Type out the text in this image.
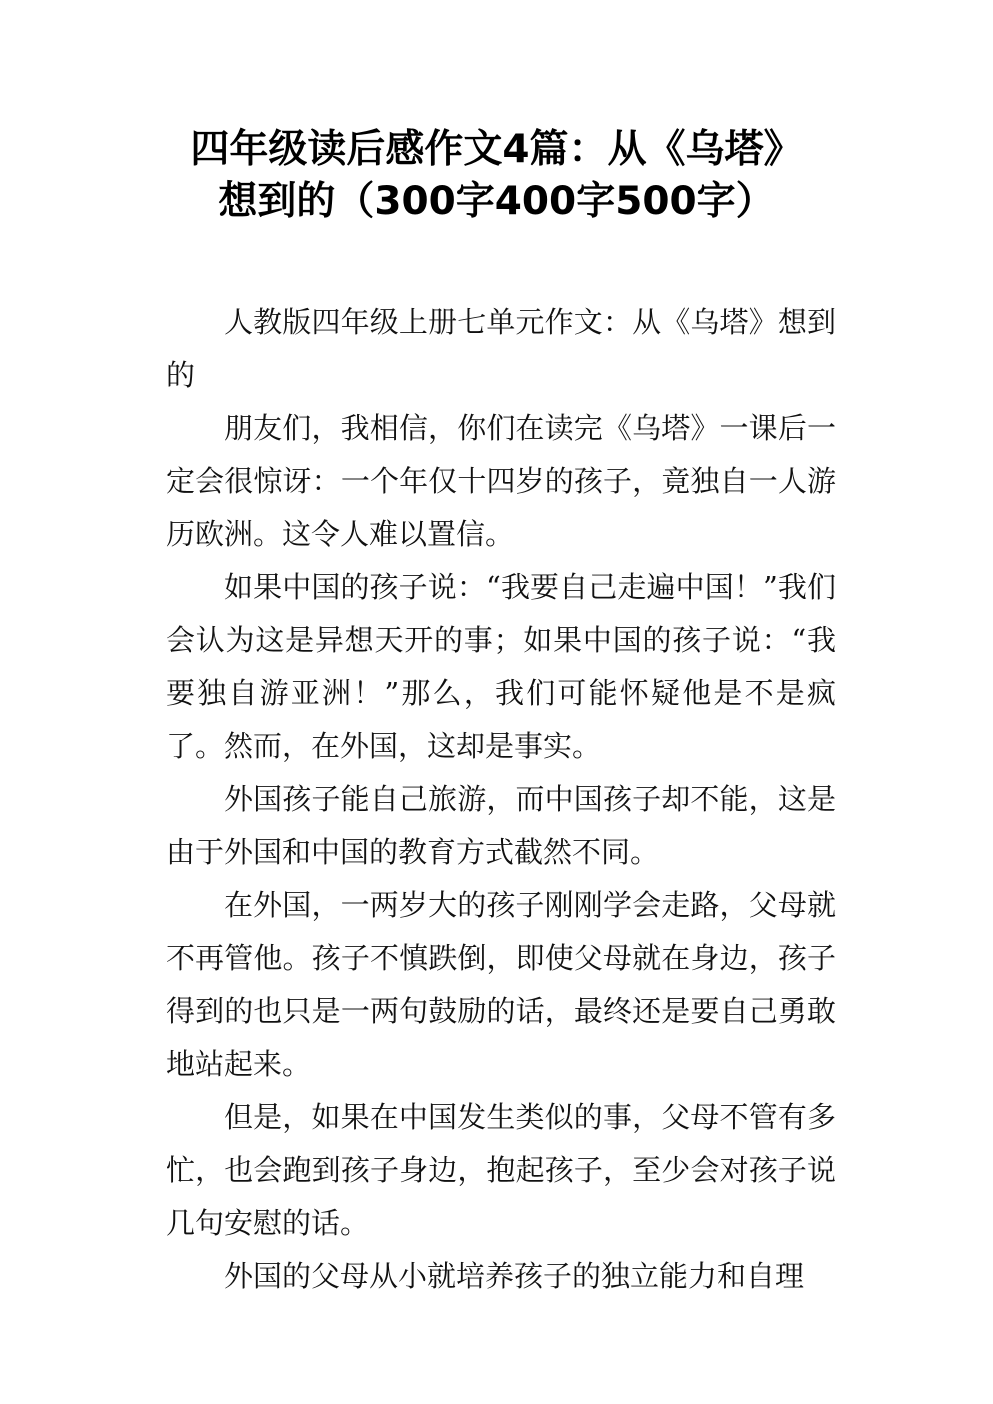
四年级读后感作文4篇：从《乌塔》
想到的（300字400字500字）

人教版四年级上册七单元作文：从《乌塔》想到的

朋友们，我相信，你们在读完《乌塔》一课后一定会很惊讶：一个年仅十四岁的孩子，竟独自一人游历欧洲。这令人难以置信。

如果中国的孩子说：“我要自己走遍中国！”我们会认为这是异想天开的事；如果中国的孩子说：“我要独自游亚洲！”那么，我们可能怀疑他是不是疯了。然而，在外国，这却是事实。

外国孩子能自己旅游，而中国孩子却不能，这是由于外国和中国的教育方式截然不同。

在外国，一两岁大的孩子刚刚学会走路，父母就不再管他。孩子不慎跌倒，即使父母就在身边，孩子得到的也只是一两句鼓励的话，最终还是要自己勇敢地站起来。

但是，如果在中国发生类似的事，父母不管有多忙，也会跑到孩子身边，抱起孩子，至少会对孩子说几句安慰的话。

外国的父母从小就培养孩子的独立能力和自理
